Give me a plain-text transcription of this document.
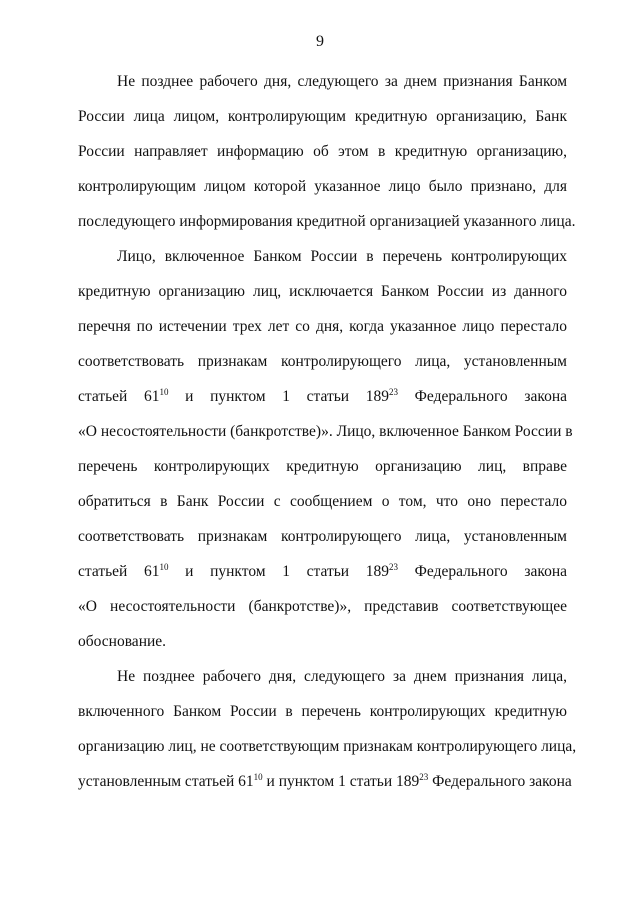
9
Не позднее рабочего дня, следующего за днем признания Банком
России лица лицом, контролирующим кредитную организацию, Банк
России направляет информацию об этом в кредитную организацию,
контролирующим лицом которой указанное лицо было признано, для
последующего информирования кредитной организацией указанного лица.
Лицо, включенное Банком России в перечень контролирующих
кредитную организацию лиц, исключается Банком России из данного
перечня по истечении трех лет со дня, когда указанное лицо перестало
соответствовать признакам контролирующего лица, установленным
статьей $61^{10}$ и пунктом 1 статьи $189^{23}$ Федерального закона
«О несостоятельности (банкротстве)». Лицо, включенное Банком России в
перечень контролирующих кредитную организацию лиц, вправе
обратиться в Банк России с сообщением о том, что оно перестало
соответствовать признакам контролирующего лица, установленным
статьей $61^{10}$ и пунктом 1 статьи $189^{23}$ Федерального закона
«О несостоятельности (банкротстве)», представив соответствующее
обоснование.
Не позднее рабочего дня, следующего за днем признания лица,
включенного Банком России в перечень контролирующих кредитную
организацию лиц, не соответствующим признакам контролирующего лица,
установленным статьей $61^{10}$ и пунктом 1 статьи $189^{23}$ Федерального закона
